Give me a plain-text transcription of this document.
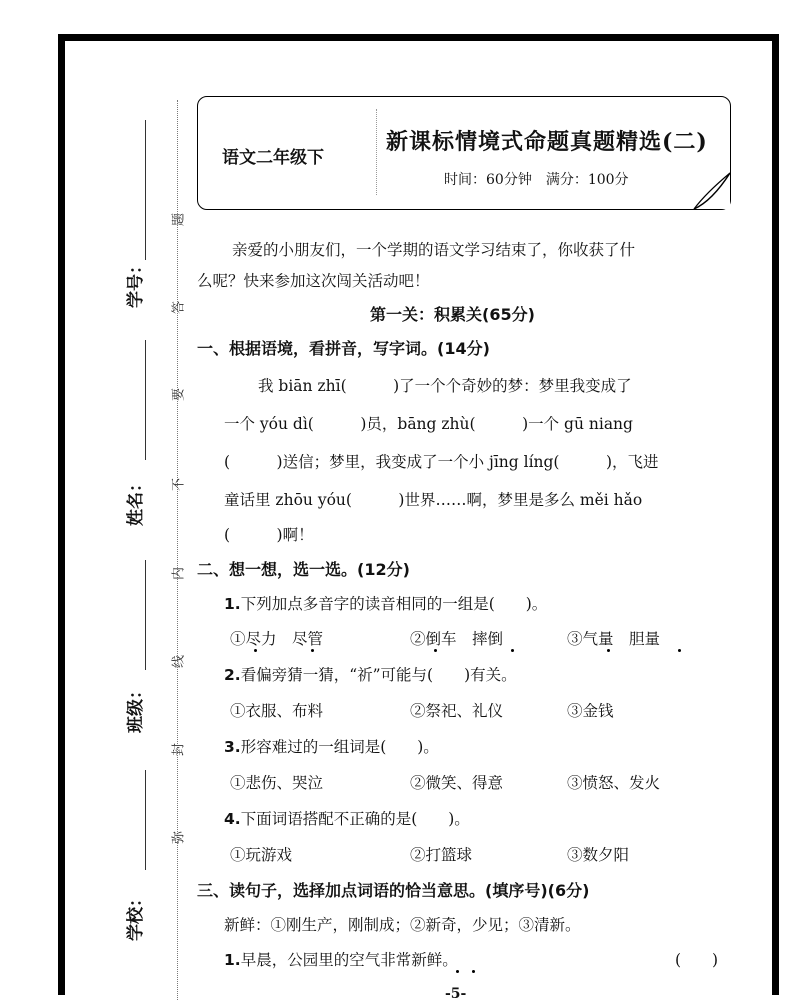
学号：
姓名：
班级：
学校：
题
答
要
不
内
线
封
弥
语文二年级下
新课标情境式命题真题精选(二)
时间：60分钟　满分：100分
亲爱的小朋友们，一个学期的语文学习结束了，你收获了什
么呢？快来参加这次闯关活动吧！
第一关：积累关(65分)
一、根据语境，看拼音，写字词。(14分)
我 biān zhī(　　　)了一个个奇妙的梦：梦里我变成了
一个 yóu dì(　　　)员，bāng zhù(　　　)一个 gū niang
(　　　)送信；梦里，我变成了一个小 jīng líng(　　　)，飞进
童话里 zhōu yóu(　　　)世界……啊，梦里是多么 měi hǎo
(　　　)啊！
二、想一想，选一选。(12分)
1.下列加点多音字的读音相同的一组是(　　)。
①尽力　尽管	②倒车　摔倒	③气量　胆量
2.看偏旁猜一猜，“祈”可能与(　　)有关。
①衣服、布料	②祭祀、礼仪	③金钱
3.形容难过的一组词是(　　)。
①悲伤、哭泣	②微笑、得意	③愤怒、发火
4.下面词语搭配不正确的是(　　)。
①玩游戏	②打篮球	③数夕阳
三、读句子，选择加点词语的恰当意思。(填序号)(6分)
新鲜：①刚生产，刚制成；②新奇，少见；③清新。
1.早晨，公园里的空气非常新鲜。	(　　)
-5-
